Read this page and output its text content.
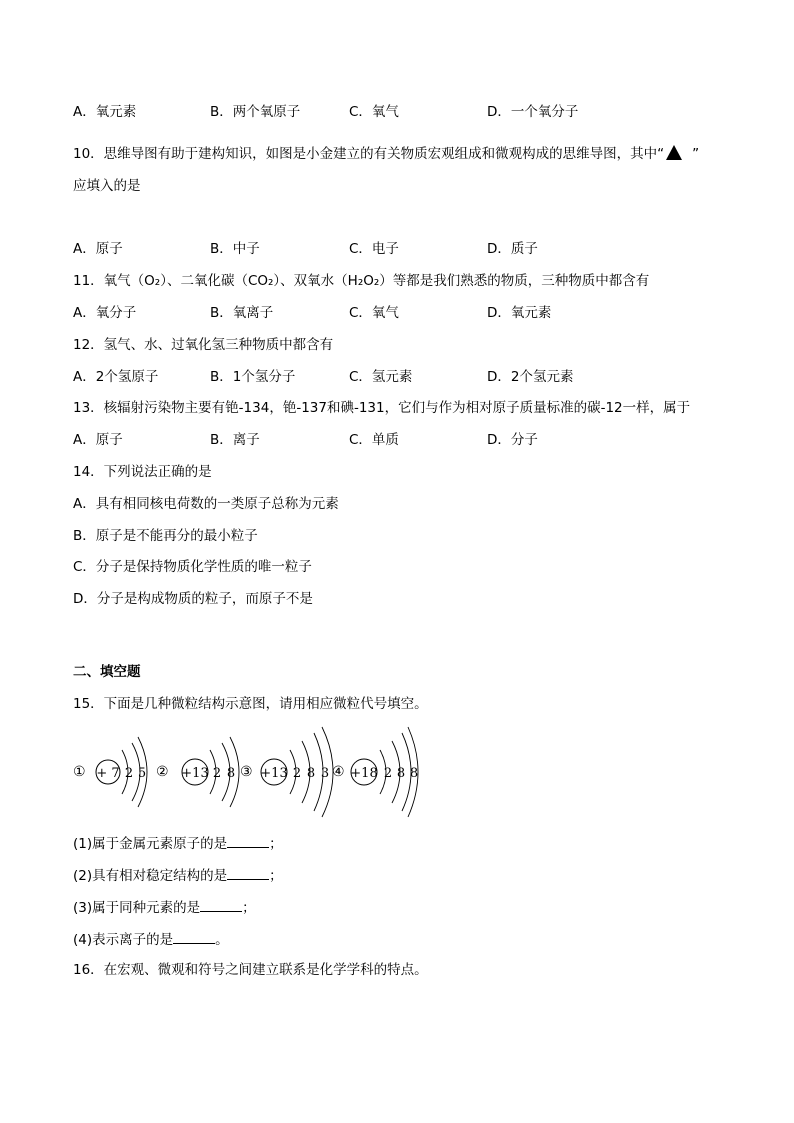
A．氧元素	B．两个氧原子	C．氧气	D．一个氧分子
10．思维导图有助于建构知识，如图是小金建立的有关物质宏观组成和微观构成的思维导图，其中“ ”
应填入的是
A．原子	B．中子	C．电子	D．质子
11．氧气（O₂）、二氧化碳（CO₂）、双氧水（H₂O₂）等都是我们熟悉的物质，三种物质中都含有
A．氧分子	B．氧离子	C．氧气	D．氧元素
12．氢气、水、过氧化氢三种物质中都含有
A．2个氢原子	B．1个氢分子	C．氢元素	D．2个氢元素
13．核辐射污染物主要有铯-134，铯-137和碘-131，它们与作为相对原子质量标准的碳-12一样，属于
A．原子	B．离子	C．单质	D．分子
14．下列说法正确的是
A．具有相同核电荷数的一类原子总称为元素
B．原子是不能再分的最小粒子
C．分子是保持物质化学性质的唯一粒子
D．分子是构成物质的粒子，而原子不是
二、填空题
15．下面是几种微粒结构示意图，请用相应微粒代号填空。
① + 7 2 5 ② +13 2 8 ③ +13 2 8 3 ④ +18 2 8 8
(1)属于金属元素原子的是	；
(2)具有相对稳定结构的是	；
(3)属于同种元素的是	；
(4)表示离子的是	。
16．在宏观、微观和符号之间建立联系是化学学科的特点。
